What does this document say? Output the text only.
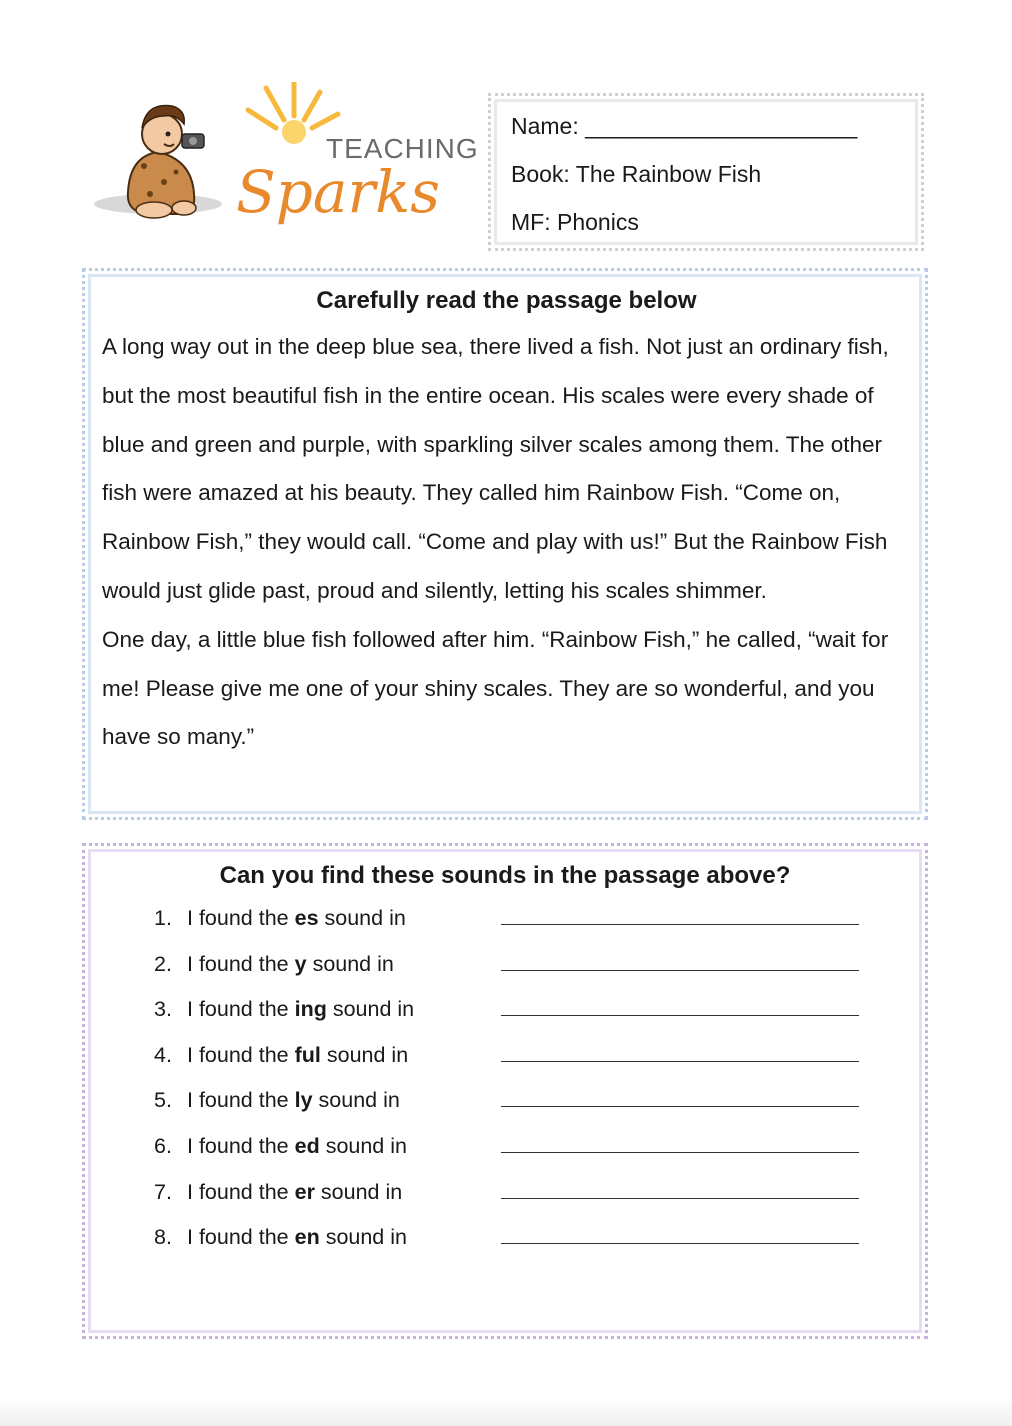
TEACHING
Sparks
Name: _______________________
Book: The Rainbow Fish
MF: Phonics
Carefully read the passage below

A long way out in the deep blue sea, there lived a fish. Not just an ordinary fish, but the most beautiful fish in the entire ocean. His scales were every shade of blue and green and purple, with sparkling silver scales among them. The other fish were amazed at his beauty. They called him Rainbow Fish. “Come on, Rainbow Fish,” they would call. “Come and play with us!” But the Rainbow Fish would just glide past, proud and silently, letting his scales shimmer.

One day, a little blue fish followed after him. “Rainbow Fish,” he called, “wait for me! Please give me one of your shiny scales. They are so wonderful, and you have so many.”

Can you find these sounds in the passage above?
1. I found the es sound in
2. I found the y sound in
3. I found the ing sound in
4. I found the ful sound in
5. I found the ly sound in
6. I found the ed sound in
7. I found the er sound in
8. I found the en sound in
